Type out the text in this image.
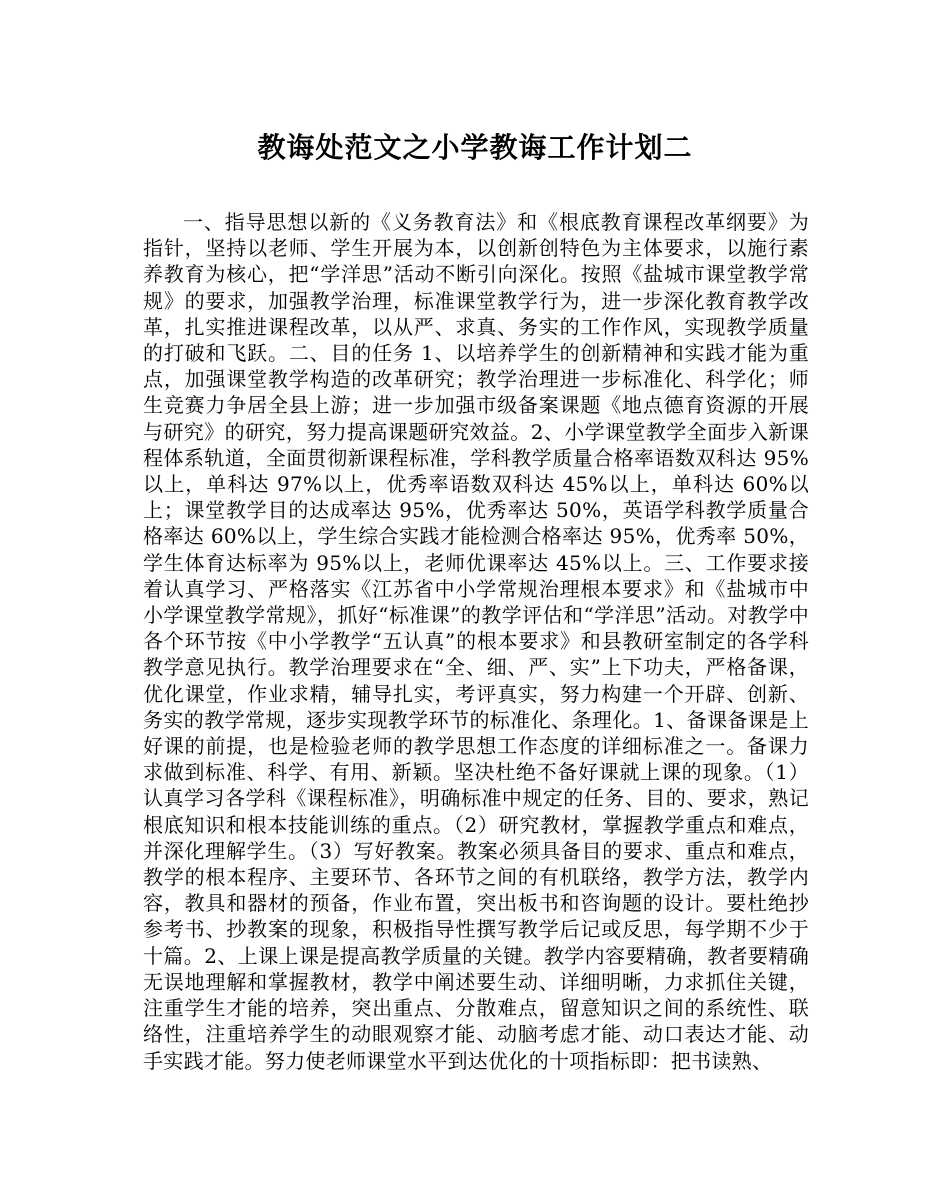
教诲处范文之小学教诲工作计划二

一、指导思想以新的《义务教育法》和《根底教育课程改革纲要》为指针，坚持以老师、学生开展为本，以创新创特色为主体要求，以施行素养教育为核心，把“学洋思”活动不断引向深化。按照《盐城市课堂教学常规》的要求，加强教学治理，标准课堂教学行为，进一步深化教育教学改革，扎实推进课程改革，以从严、求真、务实的工作作风，实现教学质量的打破和飞跃。二、目的任务 1、以培养学生的创新精神和实践才能为重点，加强课堂教学构造的改革研究；教学治理进一步标准化、科学化；师生竞赛力争居全县上游；进一步加强市级备案课题《地点德育资源的开展与研究》的研究，努力提高课题研究效益。2、小学课堂教学全面步入新课程体系轨道，全面贯彻新课程标准，学科教学质量合格率语数双科达 95%以上，单科达 97%以上，优秀率语数双科达 45%以上，单科达 60%以上；课堂教学目的达成率达 95%，优秀率达 50%，英语学科教学质量合格率达 60%以上，学生综合实践才能检测合格率达 95%，优秀率 50%，学生体育达标率为 95%以上，老师优课率达 45%以上。三、工作要求接着认真学习、严格落实《江苏省中小学常规治理根本要求》和《盐城市中小学课堂教学常规》，抓好“标准课”的教学评估和“学洋思”活动。对教学中各个环节按《中小学教学“五认真”的根本要求》和县教研室制定的各学科教学意见执行。教学治理要求在“全、细、严、实”上下功夫，严格备课，优化课堂，作业求精，辅导扎实，考评真实，努力构建一个开辟、创新、务实的教学常规，逐步实现教学环节的标准化、条理化。1、备课备课是上好课的前提，也是检验老师的教学思想工作态度的详细标准之一。备课力求做到标准、科学、有用、新颖。坚决杜绝不备好课就上课的现象。（1）认真学习各学科《课程标准》，明确标准中规定的任务、目的、要求，熟记根底知识和根本技能训练的重点。（2）研究教材，掌握教学重点和难点，并深化理解学生。（3）写好教案。教案必须具备目的要求、重点和难点，教学的根本程序、主要环节、各环节之间的有机联络，教学方法，教学内容，教具和器材的预备，作业布置，突出板书和咨询题的设计。要杜绝抄参考书、抄教案的现象，积极指导性撰写教学后记或反思，每学期不少于十篇。2、上课上课是提高教学质量的关键。教学内容要精确，教者要精确无误地理解和掌握教材，教学中阐述要生动、详细明晰，力求抓住关键，注重学生才能的培养，突出重点、分散难点，留意知识之间的系统性、联络性，注重培养学生的动眼观察才能、动脑考虑才能、动口表达才能、动手实践才能。努力使老师课堂水平到达优化的十项指标即：把书读熟、
